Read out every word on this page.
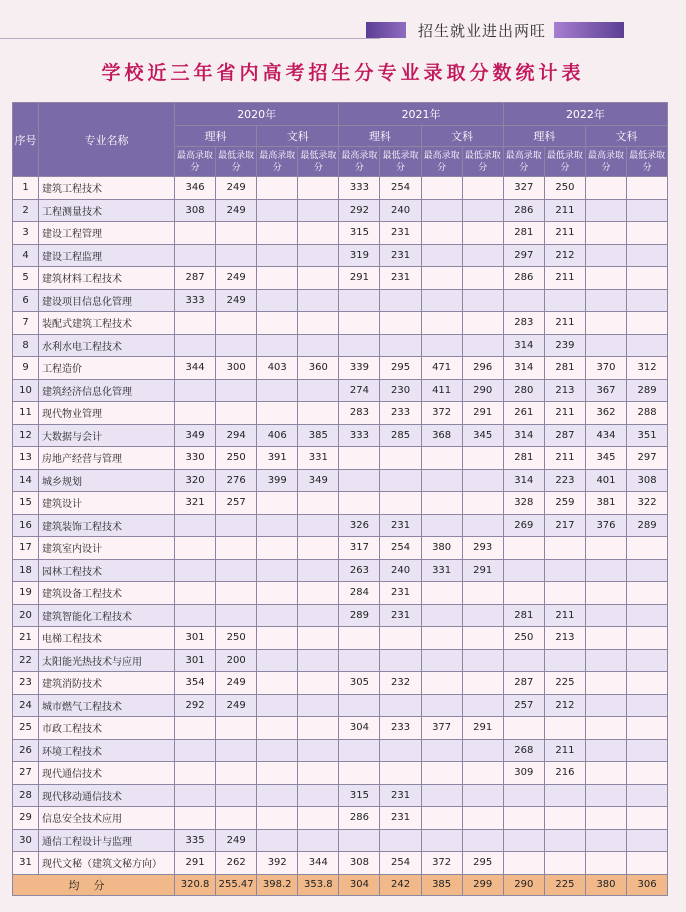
招生就业进出两旺
学校近三年省内高考招生分专业录取分数统计表
序号	专业名称	2020年				2021年				2022年			
		理科		文科		理科		文科		理科		文科	
		最高录取分	最低录取分	最高录取分	最低录取分	最高录取分	最低录取分	最高录取分	最低录取分	最高录取分	最低录取分	最高录取分	最低录取分
1	建筑工程技术	346	249			333	254			327	250		
2	工程测量技术	308	249			292	240			286	211		
3	建设工程管理					315	231			281	211		
4	建设工程监理					319	231			297	212		
5	建筑材料工程技术	287	249			291	231			286	211		
6	建设项目信息化管理	333	249										
7	装配式建筑工程技术									283	211		
8	水利水电工程技术									314	239		
9	工程造价	344	300	403	360	339	295	471	296	314	281	370	312
10	建筑经济信息化管理					274	230	411	290	280	213	367	289
11	现代物业管理					283	233	372	291	261	211	362	288
12	大数据与会计	349	294	406	385	333	285	368	345	314	287	434	351
13	房地产经营与管理	330	250	391	331					281	211	345	297
14	城乡规划	320	276	399	349					314	223	401	308
15	建筑设计	321	257							328	259	381	322
16	建筑装饰工程技术					326	231			269	217	376	289
17	建筑室内设计					317	254	380	293				
18	园林工程技术					263	240	331	291				
19	建筑设备工程技术					284	231						
20	建筑智能化工程技术					289	231			281	211		
21	电梯工程技术	301	250							250	213		
22	太阳能光热技术与应用	301	200										
23	建筑消防技术	354	249			305	232			287	225		
24	城市燃气工程技术	292	249							257	212		
25	市政工程技术					304	233	377	291				
26	环境工程技术									268	211		
27	现代通信技术									309	216		
28	现代移动通信技术					315	231						
29	信息安全技术应用					286	231						
30	通信工程设计与监理	335	249										
31	现代文秘（建筑文秘方向）	291	262	392	344	308	254	372	295				
均分		320.8	255.47	398.2	353.8	304	242	385	299	290	225	380	306
